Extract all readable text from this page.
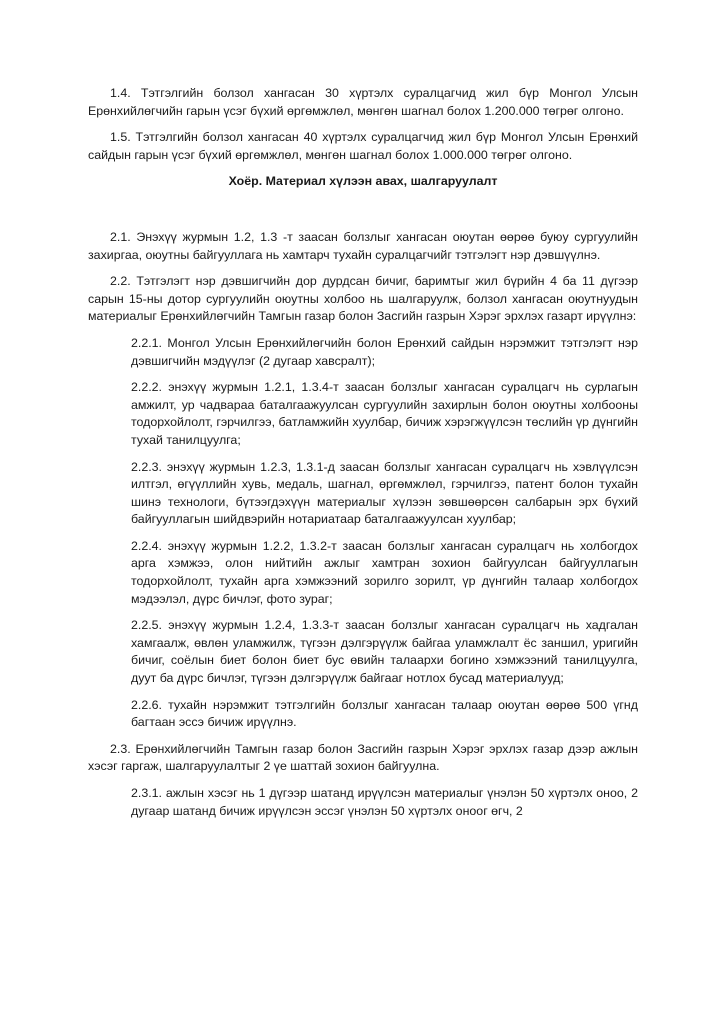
1.4. Тэтгэлгийн болзол хангасан 30 хүртэлх суралцагчид жил бүр Монгол Улсын Ерөнхийлөгчийн гарын үсэг бүхий өргөмжлөл, мөнгөн шагнал болох 1.200.000 төгрөг олгоно.

1.5. Тэтгэлгийн болзол хангасан 40 хүртэлх суралцагчид жил бүр Монгол Улсын Ерөнхий сайдын гарын үсэг бүхий өргөмжлөл, мөнгөн шагнал болох 1.000.000 төгрөг олгоно.

Хоёр. Материал хүлээн авах, шалгаруулалт

2.1. Энэхүү журмын 1.2, 1.3 -т заасан болзлыг хангасан оюутан өөрөө буюу сургуулийн захиргаа, оюутны байгууллага нь хамтарч тухайн суралцагчийг тэтгэлэгт нэр дэвшүүлнэ.

2.2. Тэтгэлэгт нэр дэвшигчийн дор дурдсан бичиг, баримтыг жил бүрийн 4 ба 11 дүгээр сарын 15-ны дотор сургуулийн оюутны холбоо нь шалгаруулж, болзол хангасан оюутнуудын материалыг Ерөнхийлөгчийн Тамгын газар болон Засгийн газрын Хэрэг эрхлэх газарт ирүүлнэ:

2.2.1. Монгол Улсын Ерөнхийлөгчийн болон Ерөнхий сайдын нэрэмжит тэтгэлэгт нэр дэвшигчийн мэдүүлэг (2 дугаар хавсралт);

2.2.2. энэхүү журмын 1.2.1, 1.3.4-т заасан болзлыг хангасан суралцагч нь сурлагын амжилт, ур чадвараа баталгаажуулсан сургуулийн захирлын болон оюутны холбооны тодорхойлолт, гэрчилгээ, батламжийн хуулбар, бичиж хэрэгжүүлсэн төслийн үр дүнгийн тухай танилцуулга;

2.2.3. энэхүү журмын 1.2.3, 1.3.1-д заасан болзлыг хангасан суралцагч нь хэвлүүлсэн илтгэл, өгүүллийн хувь, медаль, шагнал, өргөмжлөл, гэрчилгээ, патент болон тухайн шинэ технологи, бүтээгдэхүүн материалыг хүлээн зөвшөөрсөн салбарын эрх бүхий байгууллагын шийдвэрийн нотариатаар баталгаажуулсан хуулбар;

2.2.4. энэхүү журмын 1.2.2, 1.3.2-т заасан болзлыг хангасан суралцагч нь холбогдох арга хэмжээ, олон нийтийн ажлыг хамтран зохион байгуулсан байгууллагын тодорхойлолт, тухайн арга хэмжээний зорилго зорилт, үр дүнгийн талаар холбогдох мэдээлэл, дүрс бичлэг, фото зураг;

2.2.5. энэхүү журмын 1.2.4, 1.3.3-т заасан болзлыг хангасан суралцагч нь хадгалан хамгаалж, өвлөн уламжилж, түгээн дэлгэрүүлж байгаа уламжлалт ёс заншил, уригийн бичиг, соёлын биет болон биет бус өвийн талаархи богино хэмжээний танилцуулга, дуут ба дүрс бичлэг, түгээн дэлгэрүүлж байгааг нотлох бусад материалууд;

2.2.6. тухайн нэрэмжит тэтгэлгийн болзлыг хангасан талаар оюутан өөрөө 500 үгнд багтаан эссэ бичиж ирүүлнэ.

2.3. Ерөнхийлөгчийн Тамгын газар болон Засгийн газрын Хэрэг эрхлэх газар дээр ажлын хэсэг гаргаж, шалгаруулалтыг 2 үе шаттай зохион байгуулна.

2.3.1. ажлын хэсэг нь 1 дүгээр шатанд ирүүлсэн материалыг үнэлэн 50 хүртэлх оноо, 2 дугаар шатанд бичиж ирүүлсэн эссэг үнэлэн 50 хүртэлх оноог өгч, 2
